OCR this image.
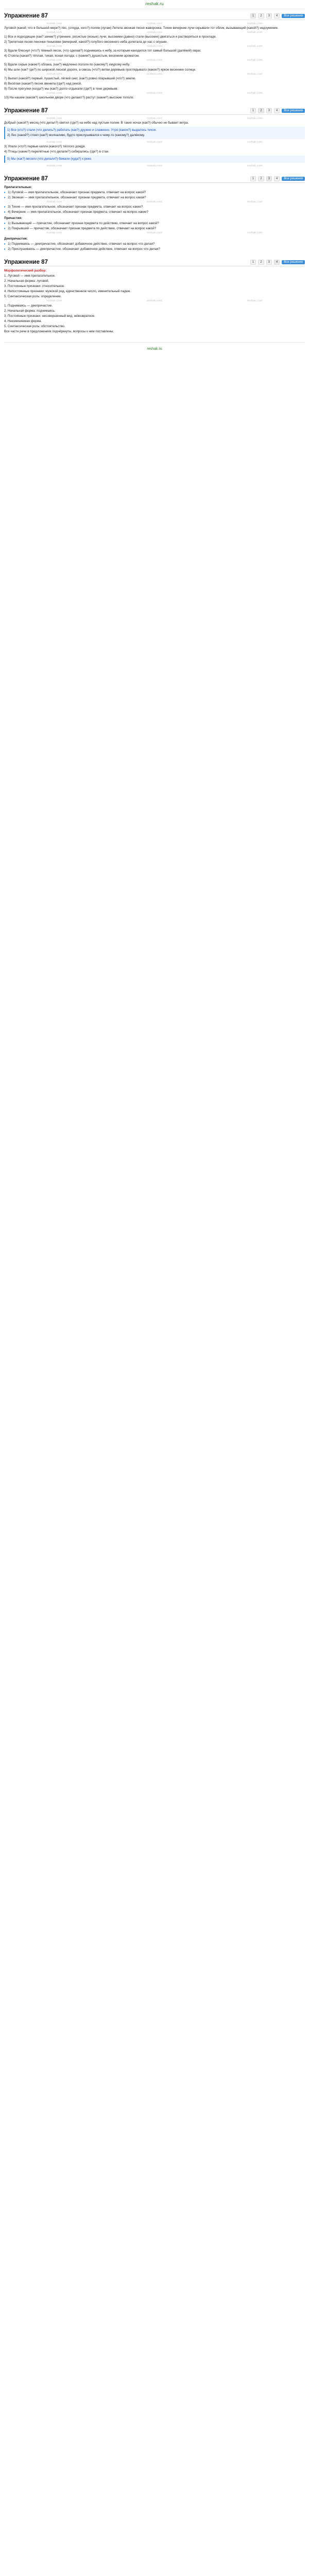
reshak.ru
Упражнение 87	1	2	3	4	Все решения
reshak.com	reshak.com	reshak.com

Луговой (какой; что в большой мере?) пёс, (откуда, кого?) полям (лугам) Летела звонкая песня жаворонка. Тихие вечерние лучи скрывали тот облик, вызывающий (какой?) недоумение.

reshak.com	reshak.com	reshak.com

1) Все и подходящие (как? зачем?) утренние, росистые (ясные) лучи, высокими (давно) стали (высокие) двигаться и растворяться в прохладе.

2) Трепетная песня пеночки-теньковки (вечерний, какой?) голубого весеннего неба долетала до нас с опушки.

reshak.com	reshak.com	reshak.com

3) Вдали блеснул (что?) тёмный лесок, (что сделав?) поднимаясь к небу, за которым находился тот самый большой (далёкий) овраг.

4) Стояла (какая?) тёплая, тихая, ясная погода; с (каким?) душистым, весенним ароматом.

reshak.com	reshak.com	reshak.com

5) Вдали серые (какие?) облака, (как?) медленно ползли по (какому?) хмурому небу.

6) Мы шли (как? где?) по широкой лесной дороге, а сквозь (что?) ветви деревьев проглядывало (какое?) яркое весеннее солнце.

reshak.com	reshak.com	reshak.com

7) Выпал (какой?) первый, пушистый, лёгкий снег, (как?) ровно покрывший (что?) землю.

8) Весёлая (какая?) песня звенела (где?) над рекой.

9) После прогулки (когда?) мы (как?) долго отдыхали (где?) в тени деревьев.

reshak.com	reshak.com	reshak.com

10) На нашем (каком?) школьном дворе (что делают?) растут (какие?) высокие тополя.

Упражнение 87	1	2	3	4	Все решения
reshak.com	reshak.com	reshak.com

Добрый (какой?) месяц (что делал?) светил (где?) на небе над пустым полем. В таких ночах (как?) обычно не бывает ветра.

1) Все (кто?) стали (что делать?) работать (как?) дружно и слаженно. Утро (какое?) выдалось тихое.

2) Лес (какой?) стоял (как?) молчаливо, будто прислушивался к чему-то (какому?) далёкому.

reshak.com	reshak.com	reshak.com

3) Упали (что?) первые капли (какого?) тёплого дождя.

4) Птицы (какие?) перелётные (что делали?) собирались (где?) в стаи.

5) Мы (как?) весело (что делали?) бежали (куда?) к реке.

reshak.com	reshak.com	reshak.com
Упражнение 87	1	2	3	4	Все решения

Прилагательные:

▸ 1) Луговой — имя прилагательное, обозначает признак предмета, отвечает на вопрос какой?
▸ 2) Звонкая — имя прилагательное, обозначает признак предмета, отвечает на вопрос какая?
reshak.com	reshak.com	reshak.com
▸ 3) Тихие — имя прилагательное, обозначает признак предмета, отвечает на вопрос какие?
▸ 4) Вечерние — имя прилагательное, обозначает признак предмета, отвечает на вопрос какие?

Причастия:

▸ 1) Вызывающий — причастие, обозначает признак предмета по действию, отвечает на вопрос какой?
▸ 2) Покрывший — причастие, обозначает признак предмета по действию, отвечает на вопрос какой?
reshak.com	reshak.com	reshak.com

Деепричастия:

▸ 1) Поднимаясь — деепричастие, обозначает добавочное действие, отвечает на вопрос что делая?
▸ 2) Прислушиваясь — деепричастие, обозначает добавочное действие, отвечает на вопрос что делая?
Упражнение 87	1	2	3	4	Все решения

Морфологический разбор:

1. Луговой — имя прилагательное.
2. Начальная форма: луговой.
3. Постоянные признаки: относительное.
4. Непостоянные признаки: мужской род, единственное число, именительный падеж.
5. Синтаксическая роль: определение.
reshak.com	reshak.com	reshak.com
1. Поднимаясь — деепричастие.
2. Начальная форма: поднимаясь.
3. Постоянные признаки: несовершенный вид, невозвратное.
4. Неизменяемая форма.
5. Синтаксическая роль: обстоятельство.

Все части речи в предложениях подчёркнуты, вопросы к ним поставлены.

reshak.ru
